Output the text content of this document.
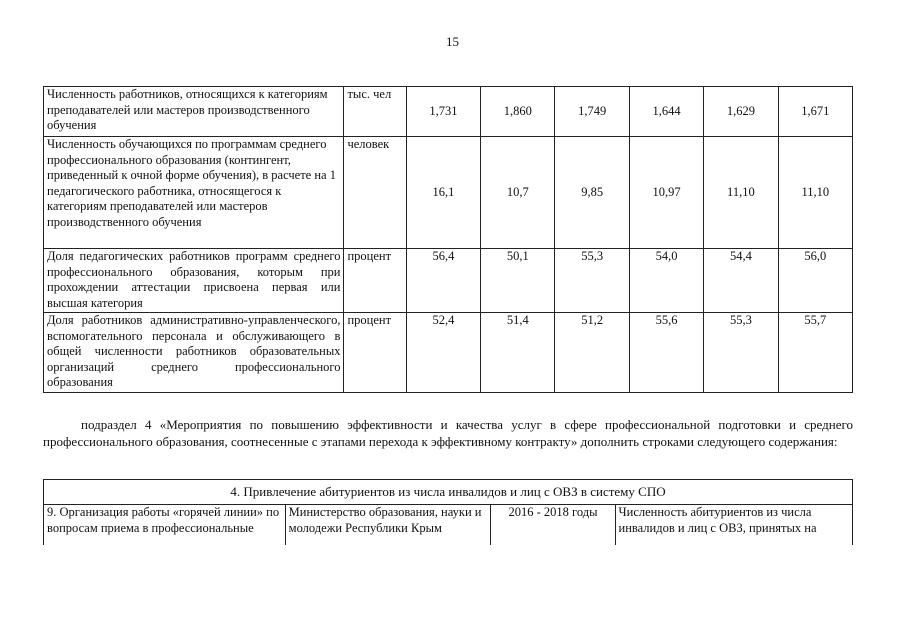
15
Численность работников, относящихся к категориям преподавателей или мастеров производственного обучения	тыс. чел	1,731	1,860	1,749	1,644	1,629	1,671
Численность обучающихся по программам среднего профессионального образования (контингент, приведенный к очной форме обучения), в расчете на 1 педагогического работника, относящегося к категориям преподавателей или мастеров производственного обучения	человек	16,1	10,7	9,85	10,97	11,10	11,10
Доля педагогических работников программ среднего профессионального образования, которым при прохождении аттестации присвоена первая или высшая категория	процент	56,4	50,1	55,3	54,0	54,4	56,0
Доля работников административно-управленческого, вспомогательного персонала и обслуживающего в общей численности работников образовательных организаций среднего профессионального образования	процент	52,4	51,4	51,2	55,6	55,3	55,7
подраздел 4 «Мероприятия по повышению эффективности и качества услуг в сфере профессиональной подготовки и среднего профессионального образования, соотнесенные с этапами перехода к эффективному контракту» дополнить строками следующего содержания:
4. Привлечение абитуриентов из числа инвалидов и лиц с ОВЗ в систему СПО
9. Организация работы «горячей линии» по вопросам приема в профессиональные	Министерство образования, науки и молодежи Республики Крым	2016 - 2018 годы	Численность абитуриентов из числа инвалидов и лиц с ОВЗ, принятых на
